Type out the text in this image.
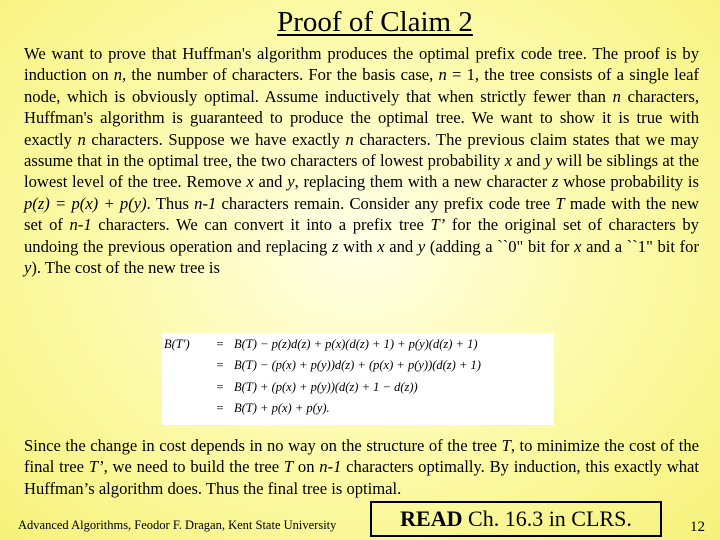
Proof of Claim 2
We want to prove that Huffman's algorithm produces the optimal prefix code tree. The proof is by induction on n, the number of characters. For the basis case, n = 1, the tree consists of a single leaf node, which is obviously optimal. Assume inductively that when strictly fewer than n characters, Huffman's algorithm is guaranteed to produce the optimal tree. We want to show it is true with exactly n characters. Suppose we have exactly n characters. The previous claim states that we may assume that in the optimal tree, the two characters of lowest probability x and y will be siblings at the lowest level of the tree. Remove x and y, replacing them with a new character z whose probability is p(z) = p(x) + p(y). Thus n-1 characters remain. Consider any prefix code tree T made with the new set of n-1 characters. We can convert it into a prefix tree T’ for the original set of characters by undoing the previous operation and replacing z with x and y (adding a ``0" bit for x and a ``1" bit for y). The cost of the new tree is
B(T′)	= B(T) − p(z)d(z) + p(x)(d(z) + 1) + p(y)(d(z) + 1)
= B(T) − (p(x) + p(y))d(z) + (p(x) + p(y))(d(z) + 1)
= B(T) + (p(x) + p(y))(d(z) + 1 − d(z))
= B(T) + p(x) + p(y).
Since the change in cost depends in no way on the structure of the tree T, to minimize the cost of the final tree T’, we need to build the tree T on n-1 characters optimally. By induction, this exactly what Huffman’s algorithm does. Thus the final tree is optimal.
Advanced Algorithms, Feodor F. Dragan, Kent State University	READ Ch. 16.3 in CLRS.	12
